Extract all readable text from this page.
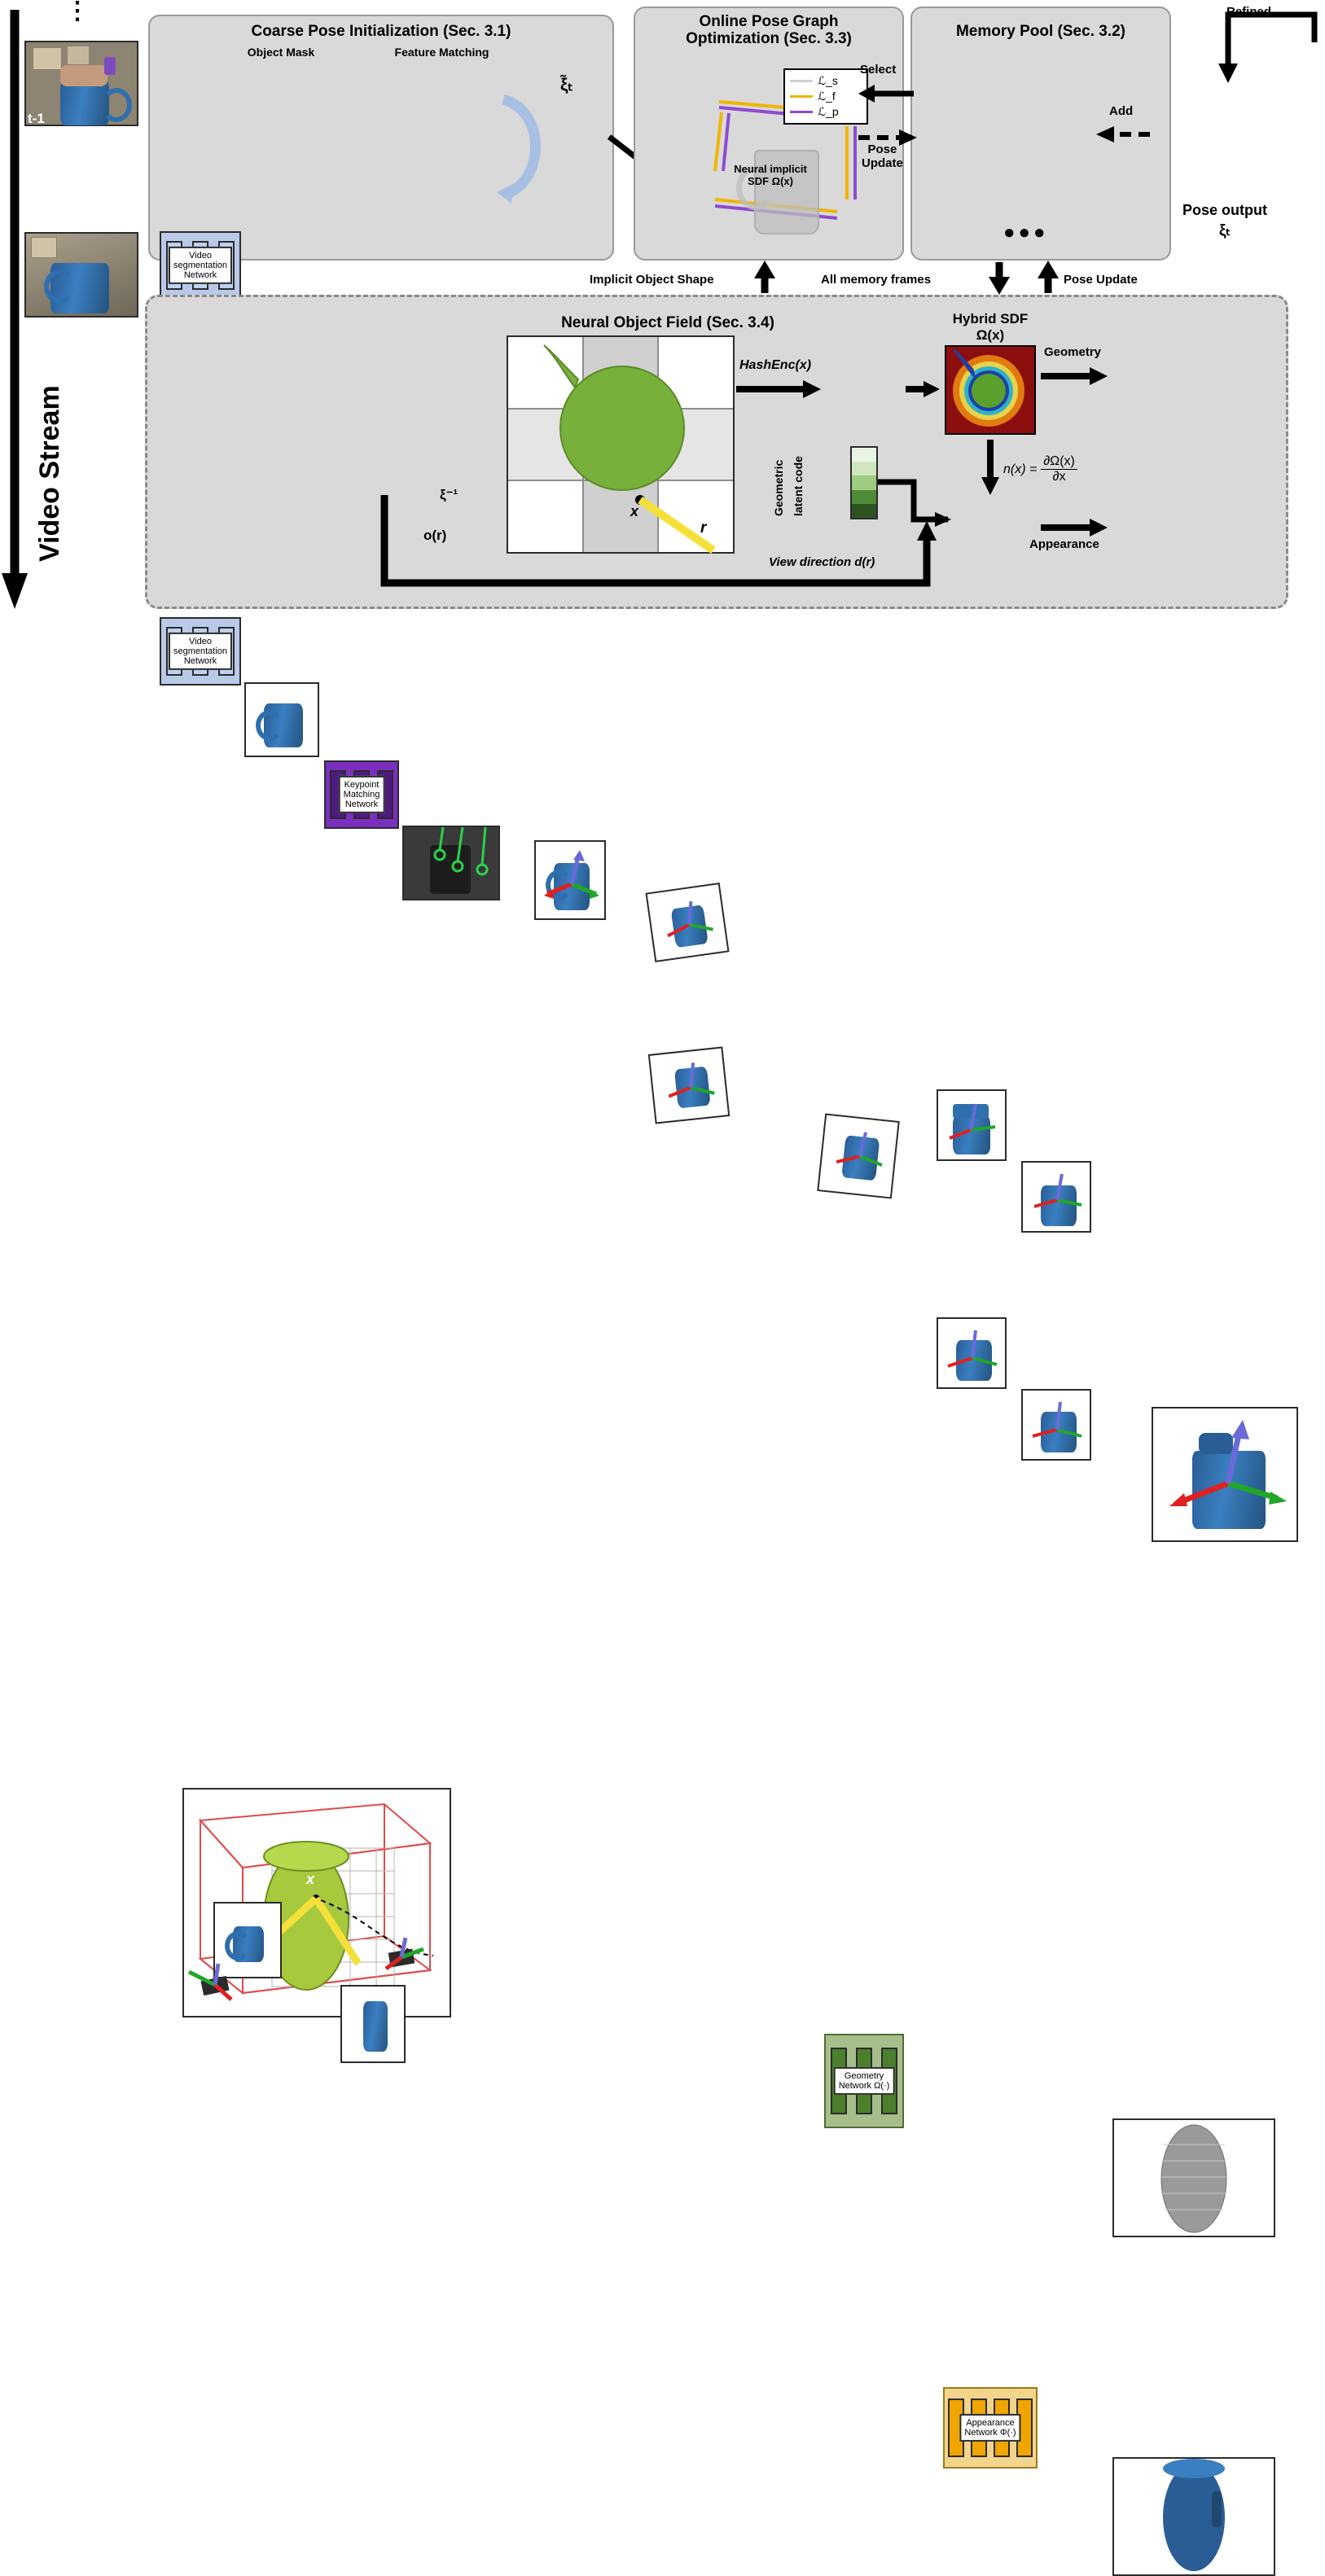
Video Stream
⋮
t-1
t
Coarse Pose Initialization (Sec. 3.1)
Object Mask	Feature Matching
Video
segmentation
Network

Video
segmentation
Network
Keypoint
Matching
Network
ξ̃ₜ
Online Pose Graph
Optimization (Sec. 3.3)
Neural implicit
SDF Ω(x)
ℒ_s
ℒ_f
ℒ_p
Memory Pool (Sec. 3.2)
●●●
Select
Pose
Update
Pose output
ξₜ
Refined
Add
Implicit Object Shape	All memory frames	Pose Update
Neural Object Field (Sec. 3.4)
x
ξ⁻¹
o(r)
x
r
HashEnc(x)
Geometry
Network Ω(·)
Hybrid SDF
Ω(x)
Geometry
$n(x) = \frac{\partial\Omega(x)}{\partial x}$
Geometric latent code
Appearance
Network Φ(·)
Appearance
View direction d(r)
